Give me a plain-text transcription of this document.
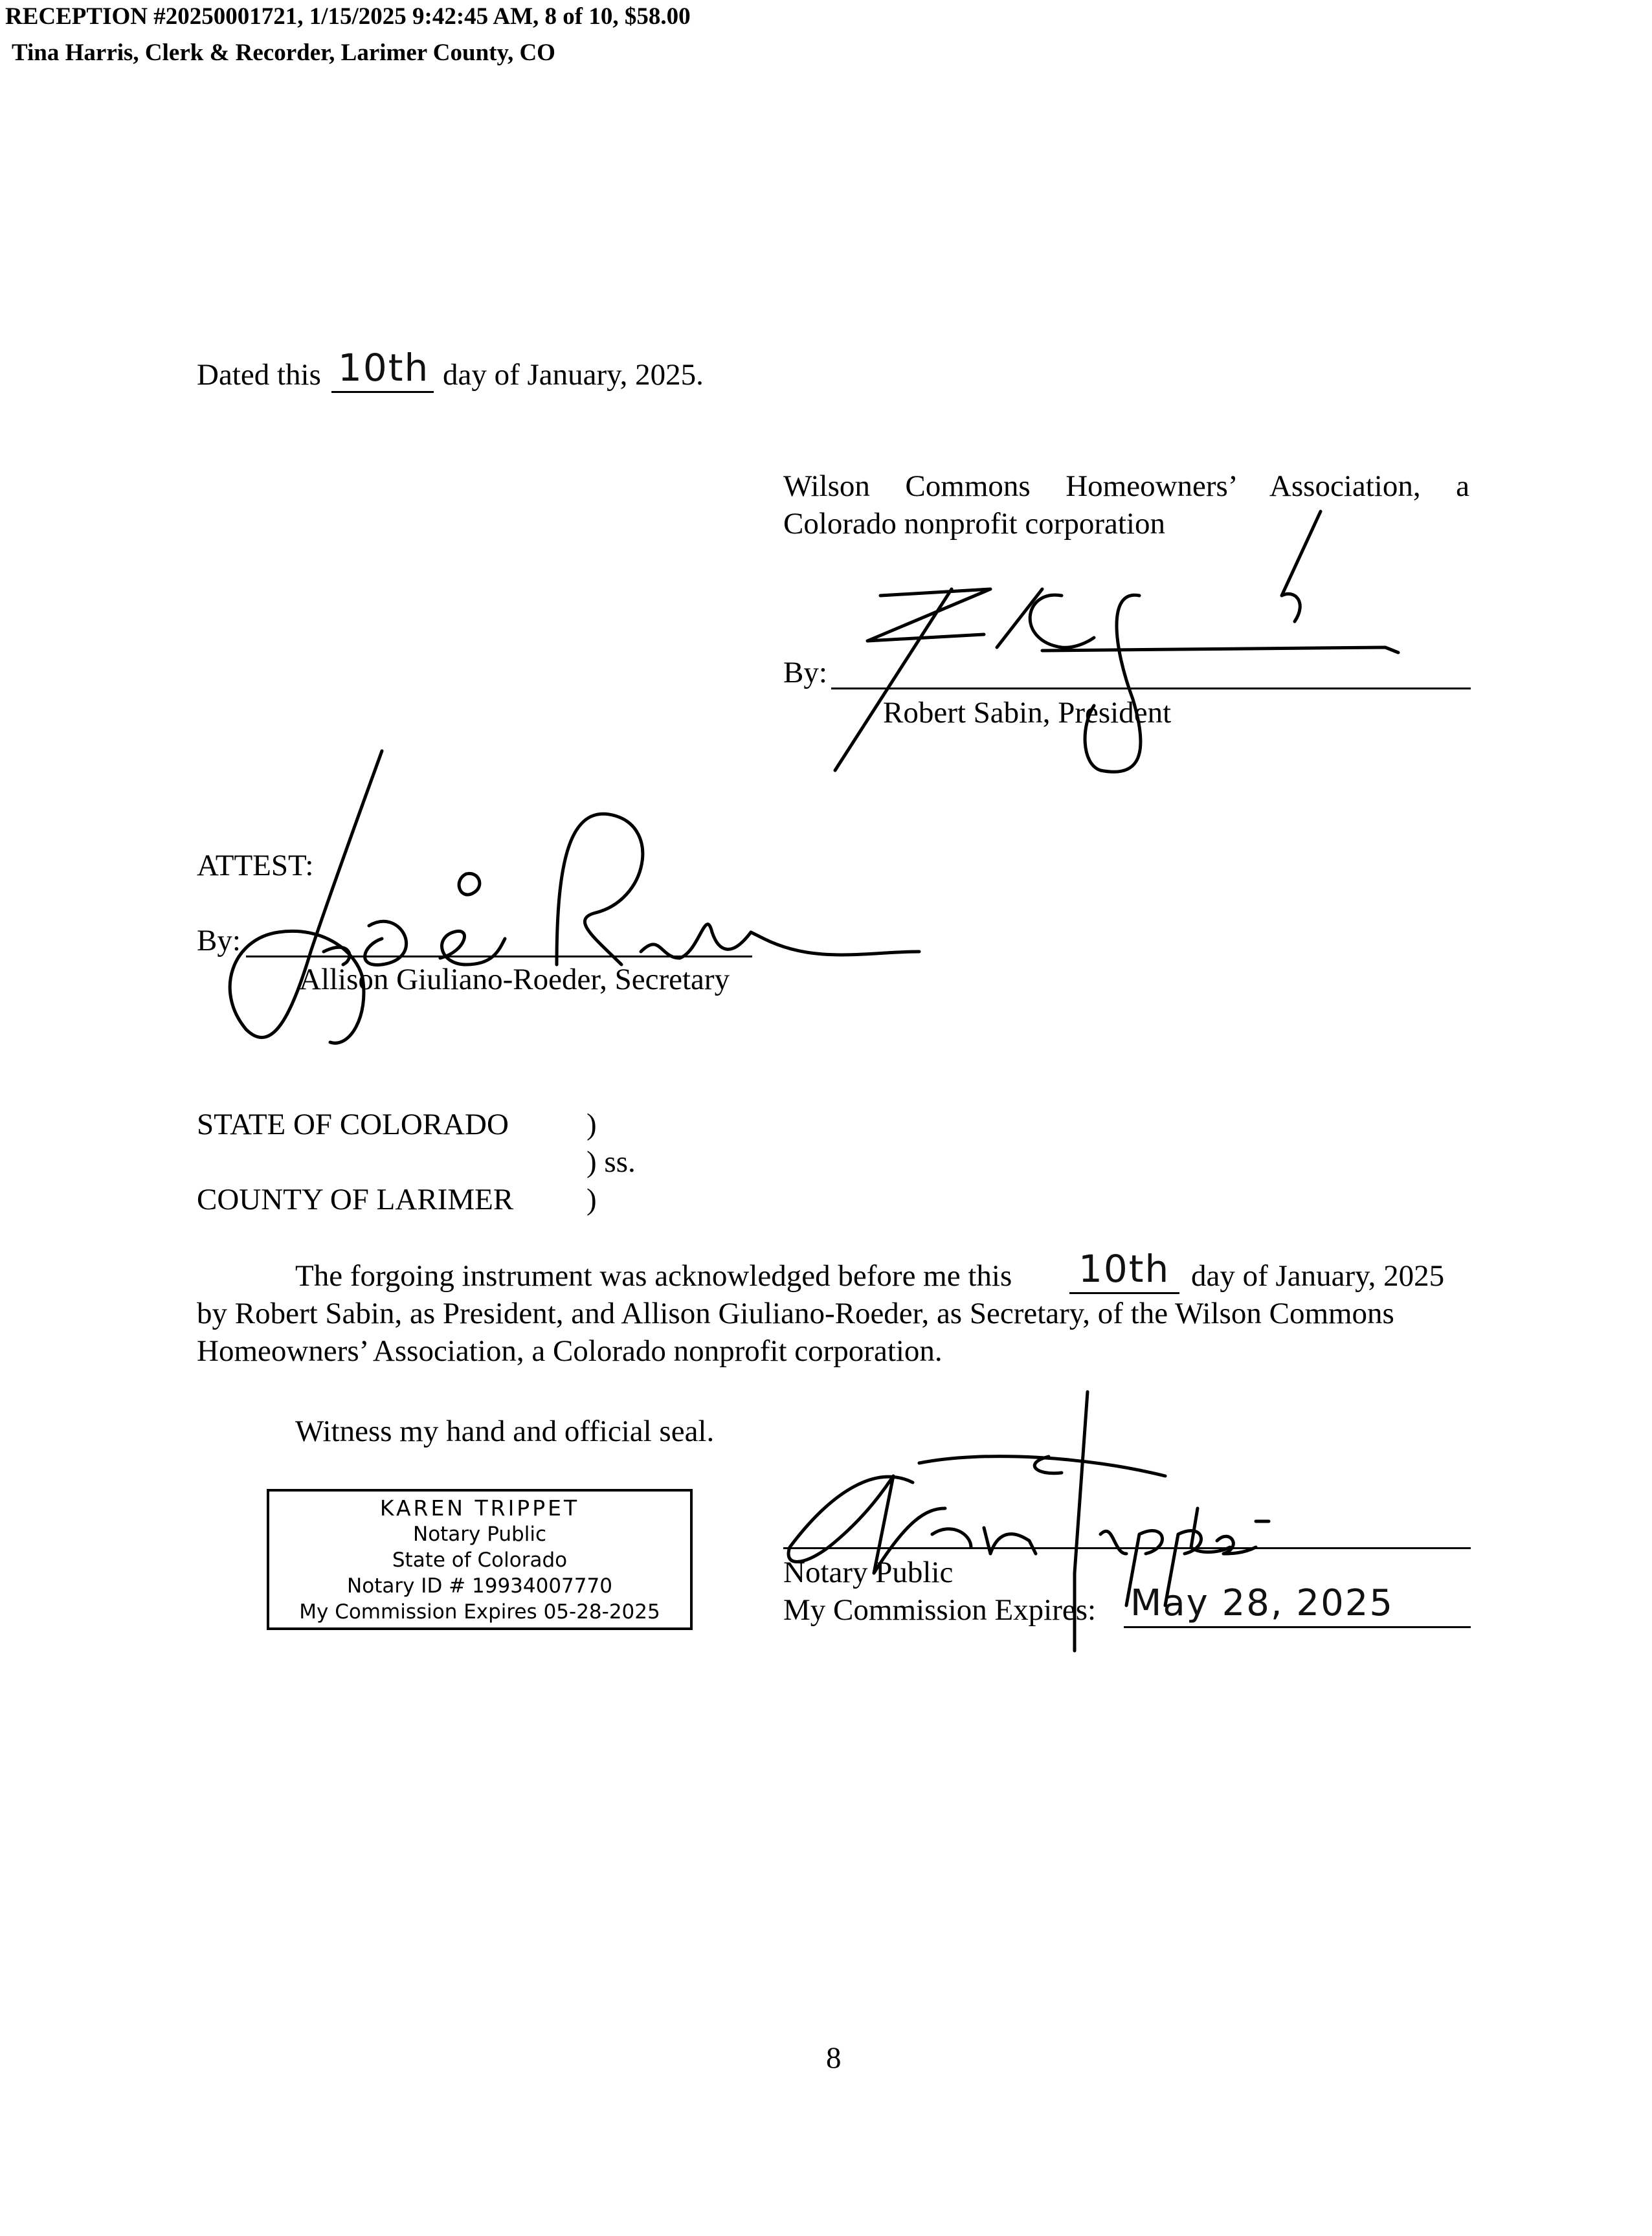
RECEPTION #20250001721, 1/15/2025 9:42:45 AM, 8 of 10, $58.00
Tina Harris, Clerk & Recorder, Larimer County, CO
Dated this 10th day of January, 2025.
Wilson Commons Homeowners’ Association, a
Colorado nonprofit corporation
By:
Robert Sabin, President
ATTEST:
By:
Allison Giuliano-Roeder, Secretary
STATE OF COLORADO	)
) ss.
COUNTY OF LARIMER )
The forgoing instrument was acknowledged before me this 10th day of January, 2025
by Robert Sabin, as President, and Allison Giuliano-Roeder, as Secretary, of the Wilson Commons
Homeowners’ Association, a Colorado nonprofit corporation.
Witness my hand and official seal.
KAREN TRIPPET
Notary Public
State of Colorado
Notary ID # 19934007770
My Commission Expires 05-28-2025
Notary Public
My Commission Expires: May 28, 2025
8
